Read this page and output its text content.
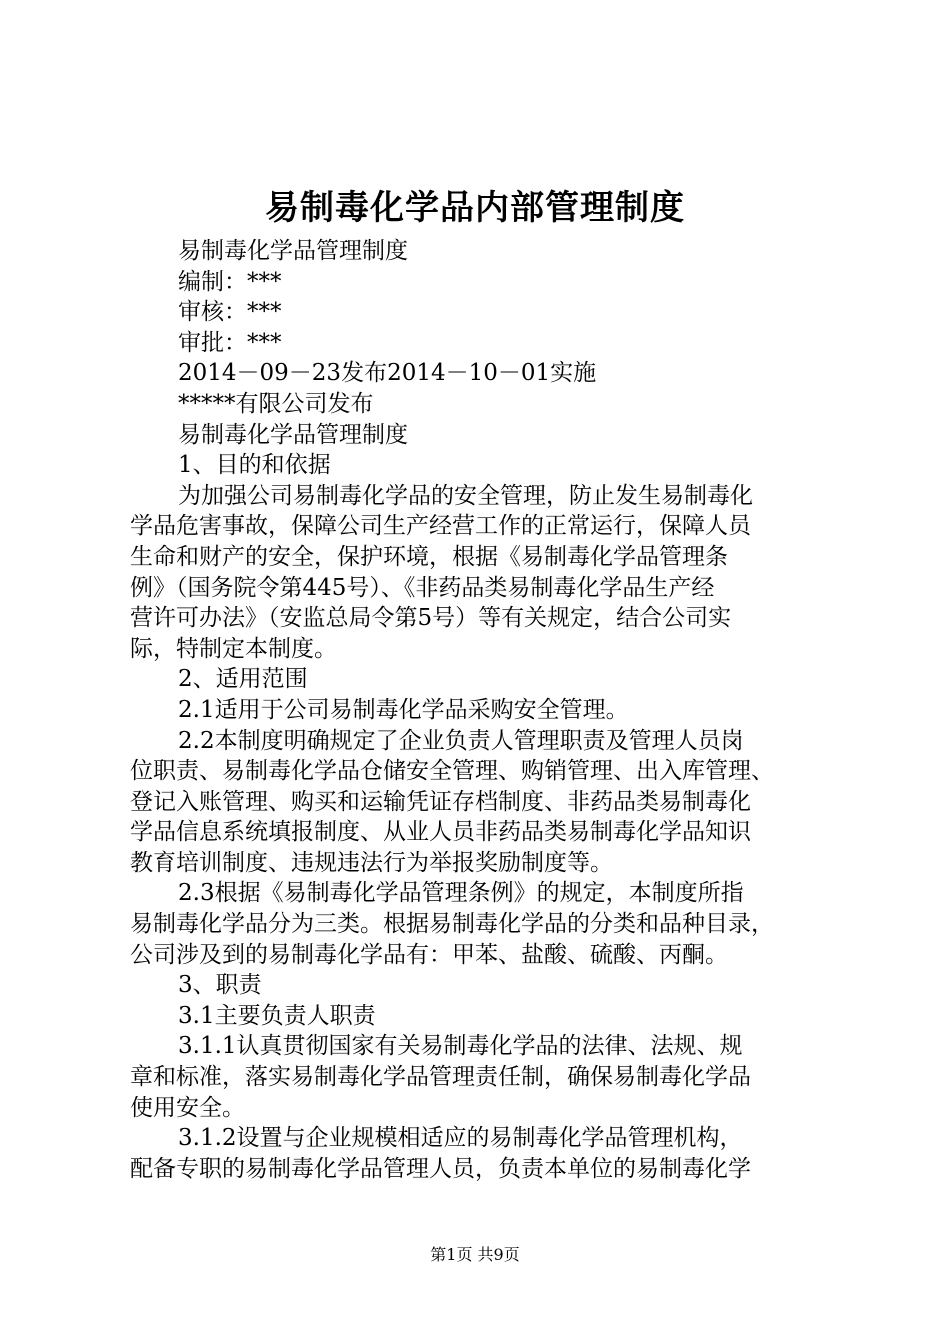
易制毒化学品内部管理制度
易制毒化学品管理制度
编制：***
审核：***
审批：***
2014－09－23发布2014－10－01实施
*****有限公司发布
易制毒化学品管理制度
1、目的和依据
为加强公司易制毒化学品的安全管理，防止发生易制毒化
学品危害事故，保障公司生产经营工作的正常运行，保障人员
生命和财产的安全，保护环境，根据《易制毒化学品管理条
例》（国务院令第445号）、《非药品类易制毒化学品生产经
营许可办法》（安监总局令第5号）等有关规定，结合公司实
际，特制定本制度。
2、适用范围
2.1适用于公司易制毒化学品采购安全管理。
2.2本制度明确规定了企业负责人管理职责及管理人员岗
位职责、易制毒化学品仓储安全管理、购销管理、出入库管理、
登记入账管理、购买和运输凭证存档制度、非药品类易制毒化
学品信息系统填报制度、从业人员非药品类易制毒化学品知识
教育培训制度、违规违法行为举报奖励制度等。
2.3根据《易制毒化学品管理条例》的规定，本制度所指
易制毒化学品分为三类。根据易制毒化学品的分类和品种目录，
公司涉及到的易制毒化学品有：甲苯、盐酸、硫酸、丙酮。
3、职责
3.1主要负责人职责
3.1.1认真贯彻国家有关易制毒化学品的法律、法规、规
章和标准，落实易制毒化学品管理责任制，确保易制毒化学品
使用安全。
3.1.2设置与企业规模相适应的易制毒化学品管理机构，
配备专职的易制毒化学品管理人员，负责本单位的易制毒化学
第1页 共9页
